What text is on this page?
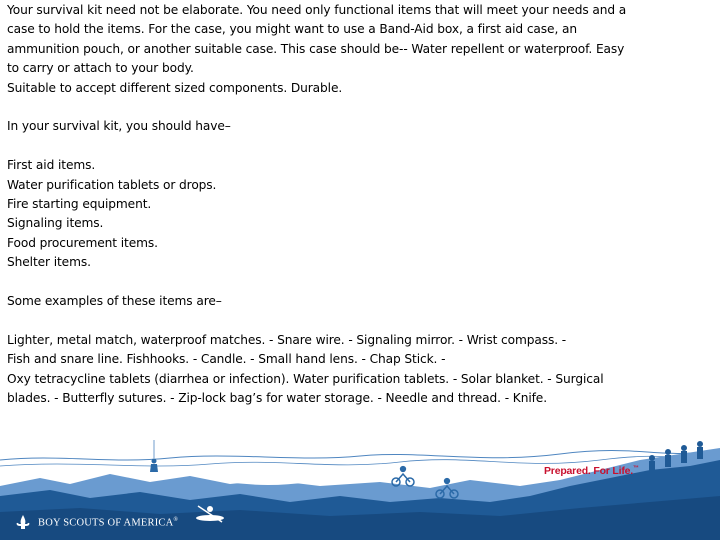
Your survival kit need not be elaborate. You need only functional items that will meet your needs and a

case to hold the items. For the case, you might want to use a Band-Aid box, a first aid case, an

ammunition pouch, or another suitable case. This case should be-- Water repellent or waterproof. Easy

to carry or attach to your body.

Suitable to accept different sized components. Durable.

In your survival kit, you should have–

First aid items.

Water purification tablets or drops.

Fire starting equipment.

Signaling items.

Food procurement items.

Shelter items.

Some examples of these items are–

Lighter, metal match, waterproof matches. - Snare wire. - Signaling mirror. - Wrist compass. -

Fish and snare line. Fishhooks. - Candle. - Small hand lens. - Chap Stick. -

Oxy tetracycline tablets (diarrhea or infection). Water purification tablets. - Solar blanket. - Surgical

blades. - Butterfly sutures. - Zip-lock bag’s for water storage. - Needle and thread. - Knife.

Prepared. For Life.™
BOY SCOUTS OF AMERICA®
